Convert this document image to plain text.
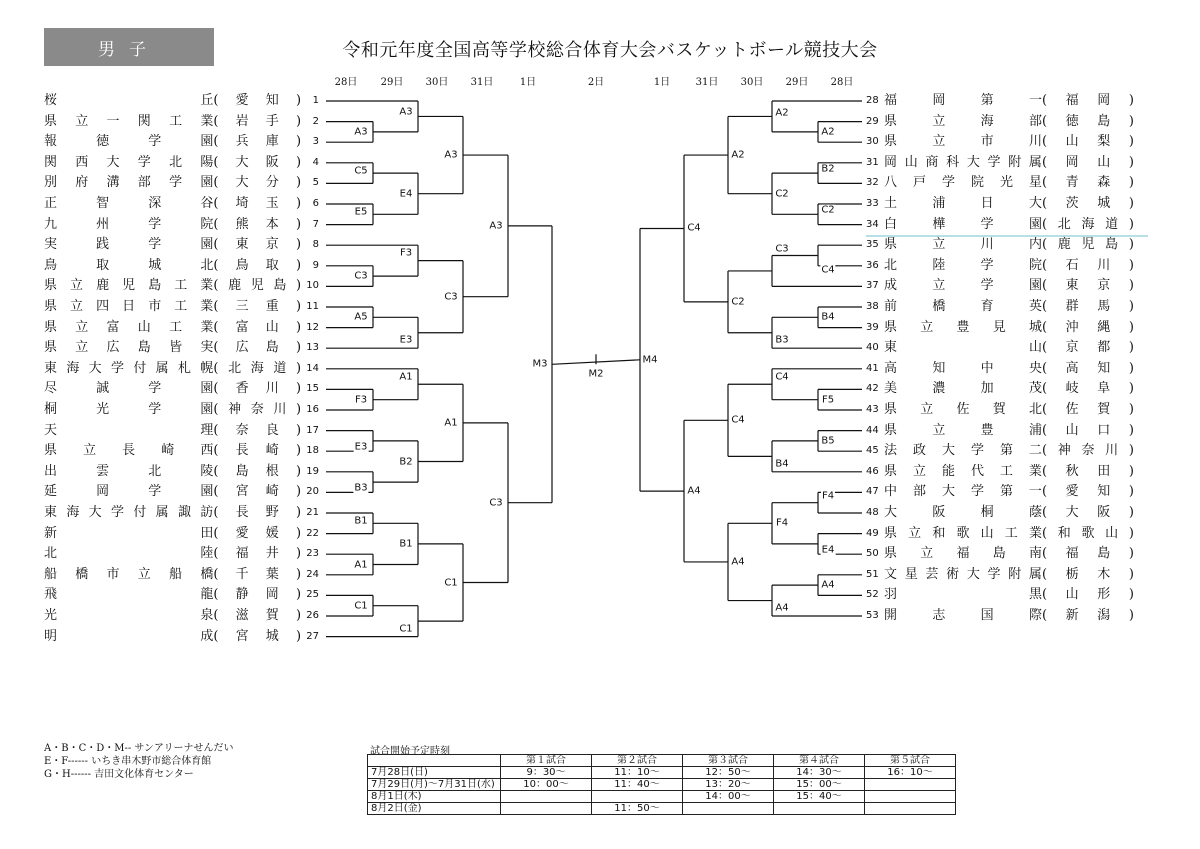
男子	令和元年度全国高等学校総合体育大会バスケットボール競技大会
28日	29日	30日	31日	1日	2日	1日	31日	30日	29日	28日
桜	丘 ( 愛 知 )	1
県 立 一 関 工 業 ( 岩 手 )	2
報	徳	学	園 ( 兵 庫 )	3
関 西 大 学 北 陽 ( 大 阪 )	4
別 府 溝 部 学 園 ( 大 分 )	5
正	智	深	谷 ( 埼 玉 )	6
九	州	学	院 ( 熊 本 )	7
実	践	学	園 ( 東 京 )	8
鳥	取	城	北 ( 鳥 取 )	9
県 立 鹿 児 島 工 業 ( 鹿 児 島 ) 10
県 立 四 日 市 工 業 ( 三 重 ) 11
県 立 富 山 工 業 ( 富 山 ) 12
県 立 広 島 皆 実 ( 広 島 ) 13
東 海 大 学 付 属 札 幌 ( 北 海 道 ) 14
尽	誠	学	園 ( 香 川 ) 15
桐	光	学	園 ( 神 奈 川 ) 16
天	理 ( 奈 良 ) 17
県 立 長 崎 西 ( 長 崎 ) 18
出	雲	北	陵 ( 島 根 ) 19
延	岡	学	園 ( 宮 崎 ) 20
東 海 大 学 付 属 諏 訪 ( 長 野 ) 21
新	田 ( 愛 媛 ) 22
北	陸 ( 福 井 ) 23
船 橋 市 立 船 橋 ( 千 葉 ) 24
飛	龍 ( 静 岡 ) 25
光	泉 ( 滋 賀 ) 26
明	成 ( 宮 城 ) 27
28 福	岡	第	一 ( 福 岡 )
29 県	立	海	部 ( 徳 島 )
30 県	立	市	川 ( 山 梨 )
31 岡 山 商 科 大 学 附 属 ( 岡 山 )
32 八 戸 学 院 光 星 ( 青 森 )
33 土	浦	日	大 ( 茨 城 )
34 白	樺	学	園 ( 北 海 道 )
35 県	立	川	内 ( 鹿 児 島 )
36 北	陸	学	院 ( 石 川 )
37 成	立	学	園 ( 東 京 )
38 前	橋	育	英 ( 群 馬 )
39 県 立 豊 見 城 ( 沖 縄 )
40 東	山 ( 京 都 )
41 高	知	中	央 ( 高 知 )
42 美	濃	加	茂 ( 岐 阜 )
43 県 立 佐 賀 北 ( 佐 賀 )
44 県	立	豊	浦 ( 山 口 )
45 法 政 大 学 第 二 ( 神 奈 川 )
46 県 立 能 代 工 業 ( 秋 田 )
47 中 部 大 学 第 一 ( 愛 知 )
48 大	阪	桐	蔭 ( 大 阪 )
49 県 立 和 歌 山 工 業 ( 和 歌 山 )
50 県 立 福 島 南 ( 福 島 )
51 文 星 芸 術 大 学 附 属 ( 栃 木 )
52 羽	黒 ( 山 形 )
53 開	志	国	際 ( 新 潟 )
A3
A3
C5
E5
E4
A3
C3
F3
A5
E3
C3
A3
F3
A1
E3
B3
B2
A1
B1
A1
B1
C1
C1
C1
C3
M3
A2
A2
B2
C2
C2
A2
C4
C3
B4
B3
C2
C4
F5
C4
B5
B4
C4
F4
E4
F4
A4
A4
A4
A4
M4
M2
A・B・C・D・M-- サンアリーナせんだい
E・F------ いちき串木野市総合体育館
G・H------ 吉田文化体育センター
試合開始予定時刻
	第１試合	第２試合	第３試合	第４試合	第５試合
7月28日(日)	9：30～	11：10～	12：50～	14：30～	16：10～
7月29日(月)～7月31日(水)	10：00～	11：40～	13：20～	15：00～	
8月1日(木)			14：00～	15：40～	
8月2日(金)		11：50～			
